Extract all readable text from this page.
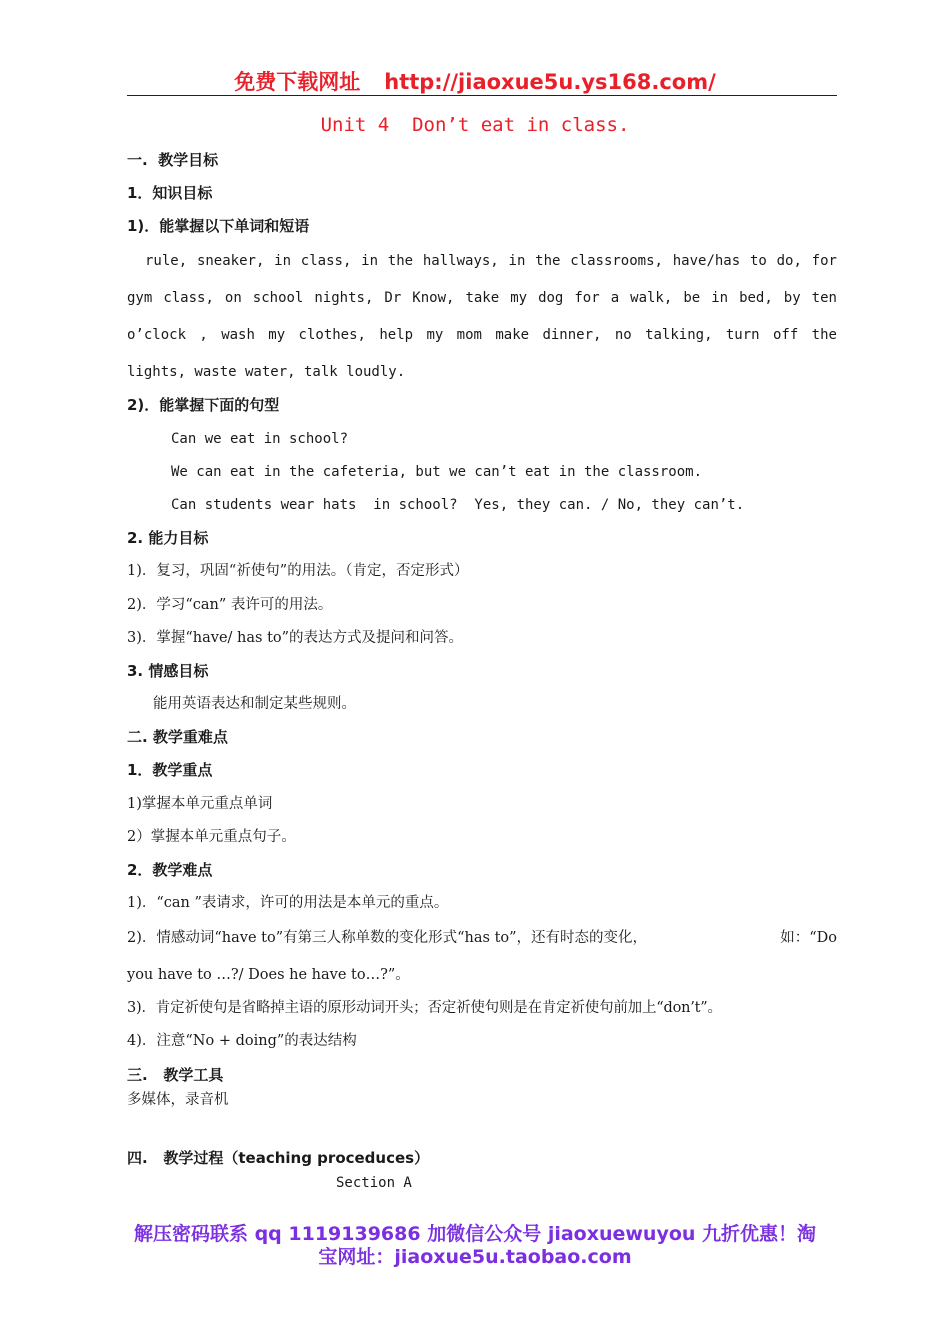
免费下载网址 http://jiaoxue5u.ys168.com/
Unit 4  Don’t eat in class.
一.  教学目标
1．知识目标
1)．能掌握以下单词和短语
rule, sneaker, in class, in the hallways, in the classrooms, have/has to do, for
gym class, on school nights, Dr Know, take my dog for a walk, be in bed, by ten
o’clock , wash my clothes, help my mom make dinner, no talking, turn off the
lights, waste water, talk loudly.
2)．能掌握下面的句型
Can we eat in school?
We can eat in the cafeteria, but we can’t eat in the classroom.
Can students wear hats  in school?  Yes, they can. / No, they can’t.
2. 能力目标
1)．复习，巩固“祈使句”的用法。（肯定，否定形式）
2)．学习“can” 表许可的用法。
3)．掌握“have/ has to”的表达方式及提问和问答。
3. 情感目标
能用英语表达和制定某些规则。
二. 教学重难点
1．教学重点
1)掌握本单元重点单词
2）掌握本单元重点句子。
2．教学难点
1)．“can ”表请求，许可的用法是本单元的重点。
2)．情感动词“have to”有第三人称单数的变化形式“has to”，还有时态的变化，	如：“Do
you have to …?/ Does he have to…?”。
3)．肯定祈使句是省略掉主语的原形动词开头；否定祈使句则是在肯定祈使句前加上“don’t”。
4)．注意“No + doing”的表达结构
三.   教学工具
多媒体，录音机
四.   教学过程（teaching proceduces）
Section A
解压密码联系 qq 1119139686 加微信公众号 jiaoxuewuyou 九折优惠！淘
宝网址：jiaoxue5u.taobao.com
